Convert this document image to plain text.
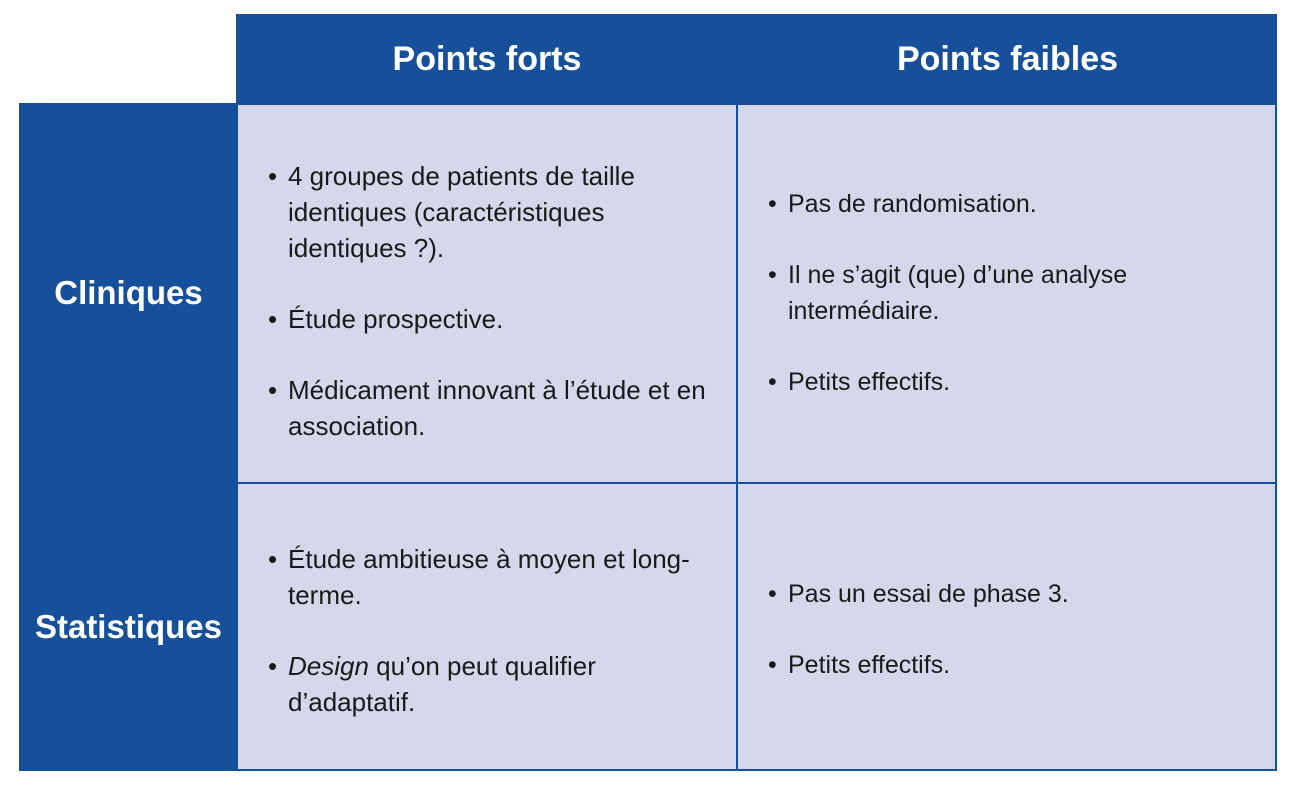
Points forts	Points faibles
Cliniques
Statistiques
• 4 groupes de patients de taille identiques (caractéristiques identiques ?).
• Étude prospective.
• Médicament innovant à l’étude et en association.
• Pas de randomisation.
• Il ne s’agit (que) d’une analyse intermédiaire.
• Petits effectifs.
• Étude ambitieuse à moyen et long-terme.
• Design qu’on peut qualifier d’adaptatif.
• Pas un essai de phase 3.
• Petits effectifs.
